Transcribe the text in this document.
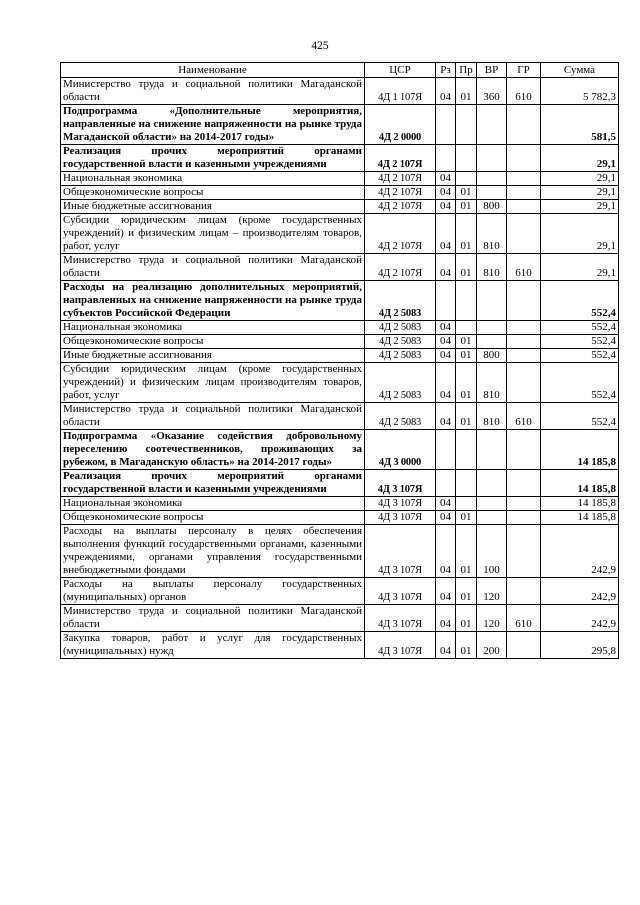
425
Наименование	ЦСР	Рз	Пр	ВР	ГР	Сумма
Министерство труда и социальной политики Магаданской области	4Д 1 107Я	04	01	360	610	5 782,3
Подпрограмма «Дополнительные мероприятия, направленные на снижение напряженности на рынке труда Магаданской области» на 2014-2017 годы»	4Д 2 0000					581,5
Реализация прочих мероприятий органами государственной власти и казенными учреждениями	4Д 2 107Я					29,1
Национальная экономика	4Д 2 107Я	04				29,1
Общеэкономические вопросы	4Д 2 107Я	04	01			29,1
Иные бюджетные ассигнования	4Д 2 107Я	04	01	800		29,1
Субсидии юридическим лицам (кроме государственных учреждений) и физическим лицам – производителям товаров, работ, услуг	4Д 2 107Я	04	01	810		29,1
Министерство труда и социальной политики Магаданской области	4Д 2 107Я	04	01	810	610	29,1
Расходы на реализацию дополнительных мероприятий, направленных на снижение напряженности на рынке труда субъектов Российской Федерации	4Д 2 5083					552,4
Национальная экономика	4Д 2 5083	04				552,4
Общеэкономические вопросы	4Д 2 5083	04	01			552,4
Иные бюджетные ассигнования	4Д 2 5083	04	01	800		552,4
Субсидии юридическим лицам (кроме государственных учреждений) и физическим лицам производителям товаров, работ, услуг	4Д 2 5083	04	01	810		552,4
Министерство труда и социальной политики Магаданской области	4Д 2 5083	04	01	810	610	552,4
Подпрограмма «Оказание содействия добровольному переселению соотечественников, проживающих за рубежом, в Магаданскую область» на 2014-2017 годы»	4Д 3 0000					14 185,8
Реализация прочих мероприятий органами государственной власти и казенными учреждениями	4Д 3 107Я					14 185,8
Национальная экономика	4Д 3 107Я	04				14 185,8
Общеэкономические вопросы	4Д 3 107Я	04	01			14 185,8
Расходы на выплаты персоналу в целях обеспечения выполнения функций государственными органами, казенными учреждениями, органами управления государственными внебюджетными фондами	4Д 3 107Я	04	01	100		242,9
Расходы на выплаты персоналу государственных (муниципальных) органов	4Д 3 107Я	04	01	120		242,9
Министерство труда и социальной политики Магаданской области	4Д 3 107Я	04	01	120	610	242,9
Закупка товаров, работ и услуг для государственных (муниципальных) нужд	4Д 3 107Я	04	01	200		295,8
